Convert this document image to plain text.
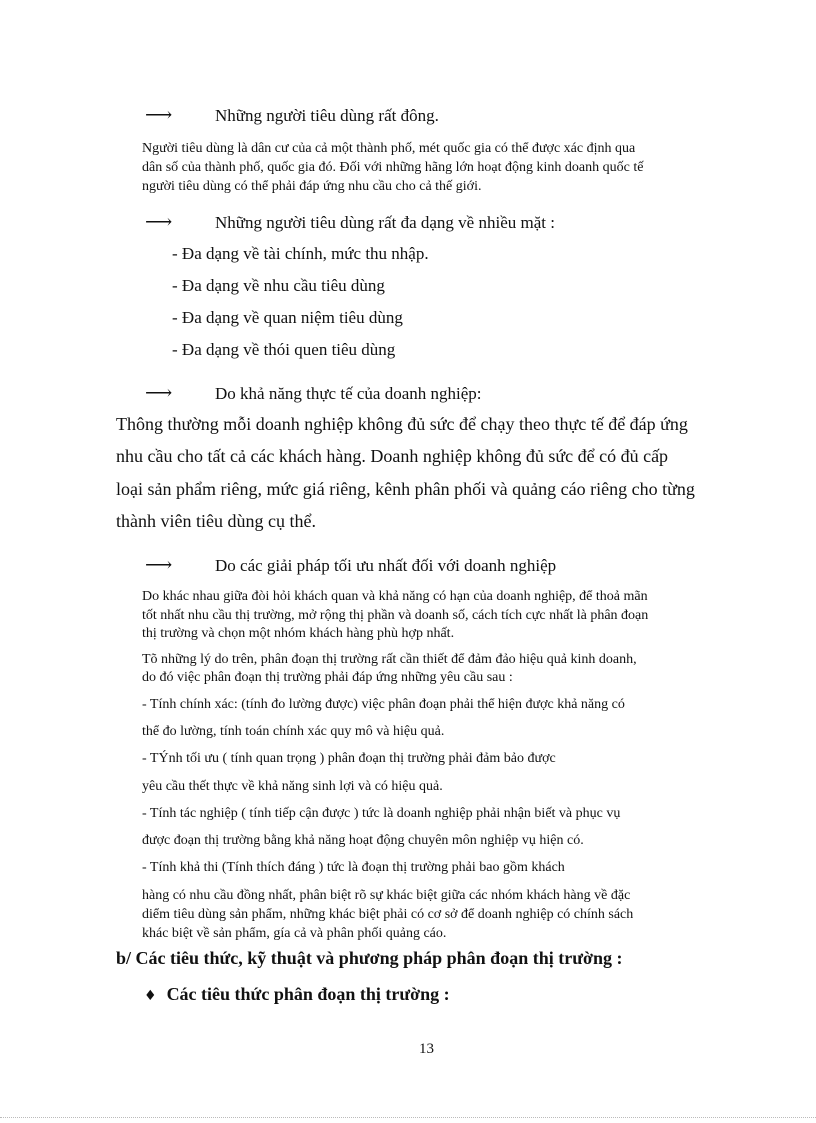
⟶	Những người tiêu dùng rất đông.
Người tiêu dùng là dân cư của cả một thành phố, mét quốc gia có thể được xác định qua
dân số của thành phố, quốc gia đó. Đối với những hãng lớn hoạt động kinh doanh quốc tế
người tiêu dùng có thể phải đáp ứng nhu cầu cho cả thế giới.
⟶	Những người tiêu dùng rất đa dạng về nhiều mặt :
- Đa dạng về tài chính, mức thu nhập.
- Đa dạng về nhu cầu tiêu dùng
- Đa dạng về quan niệm tiêu dùng
- Đa dạng về thói quen tiêu dùng
⟶	Do khả năng thực tế của doanh nghiệp:
Thông thường mỗi doanh nghiệp không đủ sức để chạy theo thực tế để đáp ứng
nhu cầu cho tất cả các khách hàng. Doanh nghiệp không đủ sức để có đủ cấp
loại sản phẩm riêng, mức giá riêng, kênh phân phối và quảng cáo riêng cho từng
thành viên tiêu dùng cụ thể.
⟶	Do các giải pháp tối ưu nhất đối với doanh nghiệp
Do khác nhau giữa đòi hỏi khách quan và khả năng có hạn của doanh nghiệp, để thoả mãn
tốt nhất nhu cầu thị trường, mở rộng thị phần và doanh số, cách tích cực nhất là phân đoạn
thị trường và chọn một nhóm khách hàng phù hợp nhất.
Tõ những lý do trên, phân đoạn thị trường rất cần thiết để đảm đảo hiệu quả kinh doanh,
do đó việc phân đoạn thị trường phải đáp ứng những yêu cầu sau :
- Tính chính xác: (tính đo lường được) việc phân đoạn phải thể hiện được khả năng có
thể đo lường, tính toán chính xác quy mô và hiệu quả.
- TÝnh tối ưu ( tính quan trọng ) phân đoạn thị trường phải đảm bảo được
yêu cầu thết thực về khả năng sinh lợi và có hiệu quả.
- Tính tác nghiệp ( tính tiếp cận được ) tức là doanh nghiệp phải nhận biết và phục vụ
được đoạn thị trường bằng khả năng hoạt động chuyên môn nghiệp vụ hiện có.
- Tính khả thi (Tính thích đáng ) tức là đoạn thị trường phải bao gồm khách
hàng có nhu cầu đồng nhất, phân biệt rõ sự khác biệt giữa các nhóm khách hàng về đặc
diểm tiêu dùng sản phẩm, những khác biệt phải có cơ sở để doanh nghiệp có chính sách
khác biệt về sản phẩm, gía cả và phân phối quảng cáo.
b/ Các tiêu thức, kỹ thuật và phương pháp phân đoạn thị trường :
♦ Các tiêu thức phân đoạn thị trường :
13
